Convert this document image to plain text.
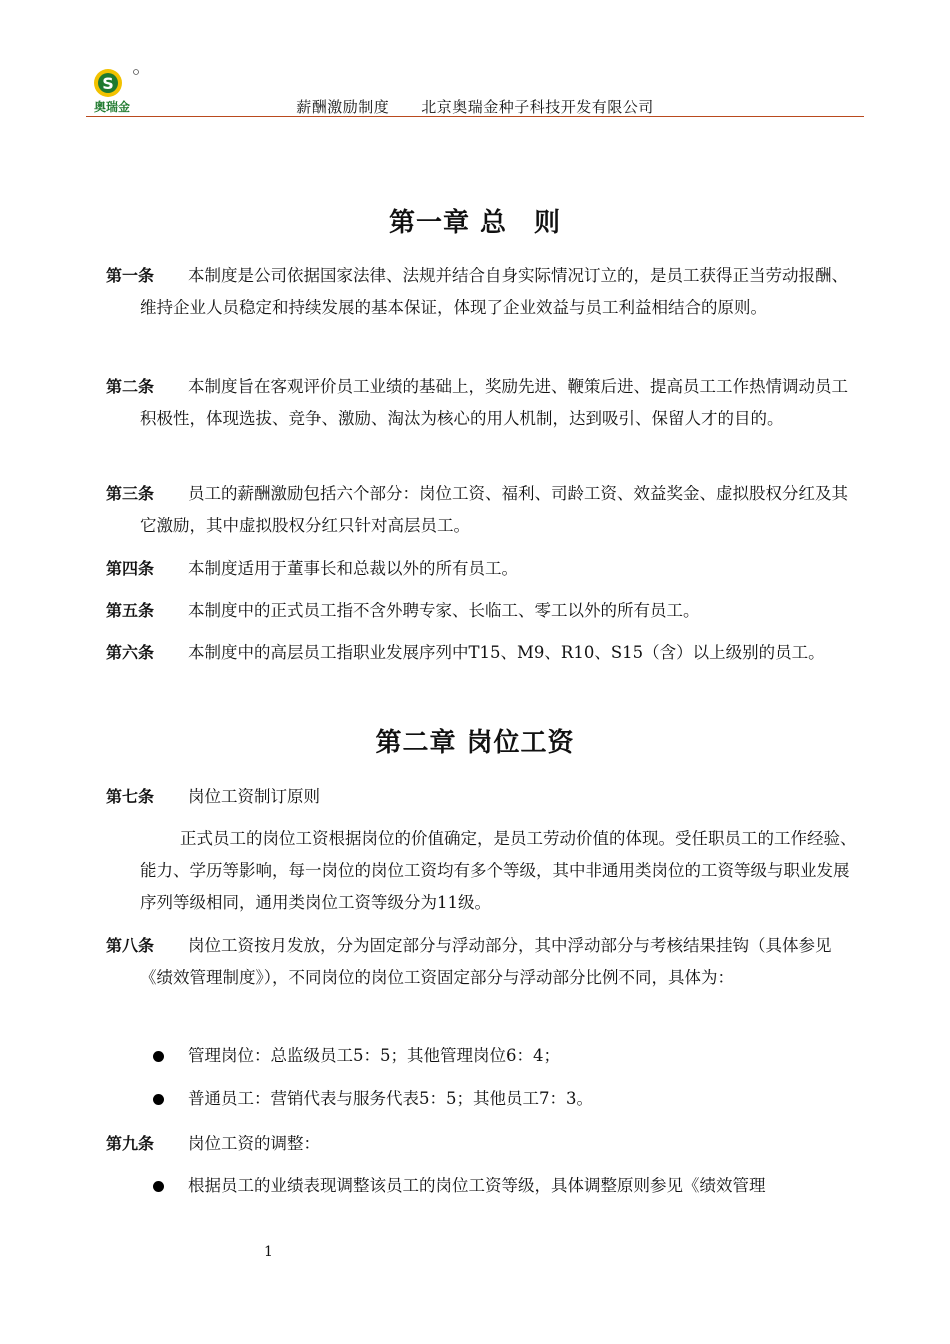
S
奥瑞金	薪酬激励制度 北京奥瑞金种子科技开发有限公司
第一章 总　则

第一条	本制度是公司依据国家法律、法规并结合自身实际情况订立的，是员工获得正当劳动报酬、维持企业人员稳定和持续发展的基本保证，体现了企业效益与员工利益相结合的原则。

第二条	本制度旨在客观评价员工业绩的基础上，奖励先进、鞭策后进、提高员工工作热情调动员工积极性，体现选拔、竞争、激励、淘汰为核心的用人机制，达到吸引、保留人才的目的。

第三条	员工的薪酬激励包括六个部分：岗位工资、福利、司龄工资、效益奖金、虚拟股权分红及其它激励，其中虚拟股权分红只针对高层员工。

第四条	本制度适用于董事长和总裁以外的所有员工。

第五条	本制度中的正式员工指不含外聘专家、长临工、零工以外的所有员工。

第六条	本制度中的高层员工指职业发展序列中T15、M9、R10、S15（含）以上级别的员工。

第二章 岗位工资

第七条	岗位工资制订原则

正式员工的岗位工资根据岗位的价值确定，是员工劳动价值的体现。受任职员工的工作经验、能力、学历等影响，每一岗位的岗位工资均有多个等级，其中非通用类岗位的工资等级与职业发展序列等级相同，通用类岗位工资等级分为11级。

第八条	岗位工资按月发放，分为固定部分与浮动部分，其中浮动部分与考核结果挂钩（具体参见《绩效管理制度》），不同岗位的岗位工资固定部分与浮动部分比例不同，具体为：

管理岗位：总监级员工5：5；其他管理岗位6：4；

普通员工：营销代表与服务代表5：5；其他员工7：3。

第九条	岗位工资的调整：

根据员工的业绩表现调整该员工的岗位工资等级，具体调整原则参见《绩效管理

1
